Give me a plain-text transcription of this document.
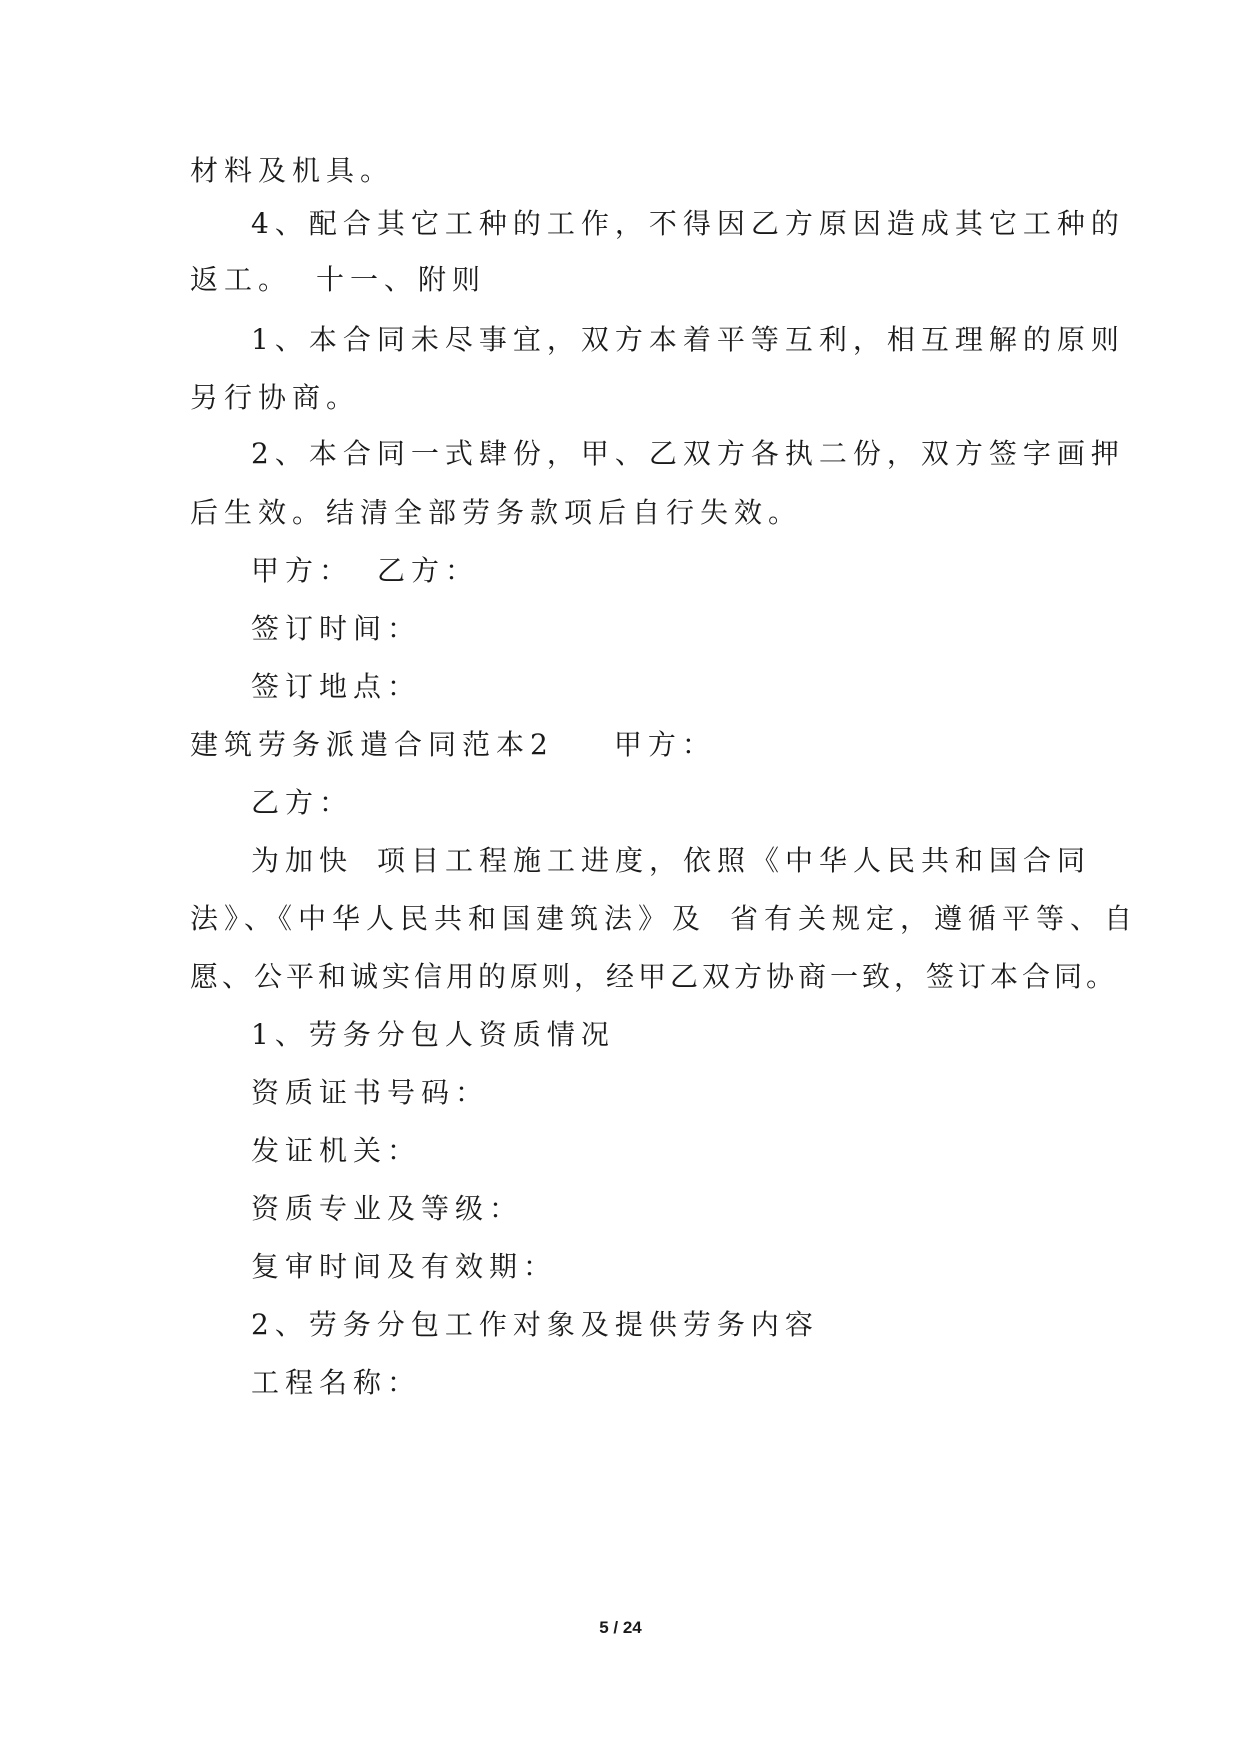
材料及机具。
4、配合其它工种的工作，不得因乙方原因造成其它工种的
返工。 十一、附则
1、本合同未尽事宜，双方本着平等互利，相互理解的原则
另行协商。
2、本合同一式肆份，甲、乙双方各执二份，双方签字画押
后生效。结清全部劳务款项后自行失效。
甲方： 乙方：
签订时间：
签订地点：
建筑劳务派遣合同范本2 甲方：
乙方：
为加快 项目工程施工进度，依照《中华人民共和国合同
法》、《中华人民共和国建筑法》及 省有关规定，遵循平等、自
愿、公平和诚实信用的原则，经甲乙双方协商一致，签订本合同。
1、劳务分包人资质情况
资质证书号码：
发证机关：
资质专业及等级：
复审时间及有效期：
2、劳务分包工作对象及提供劳务内容
工程名称：
5 / 24
